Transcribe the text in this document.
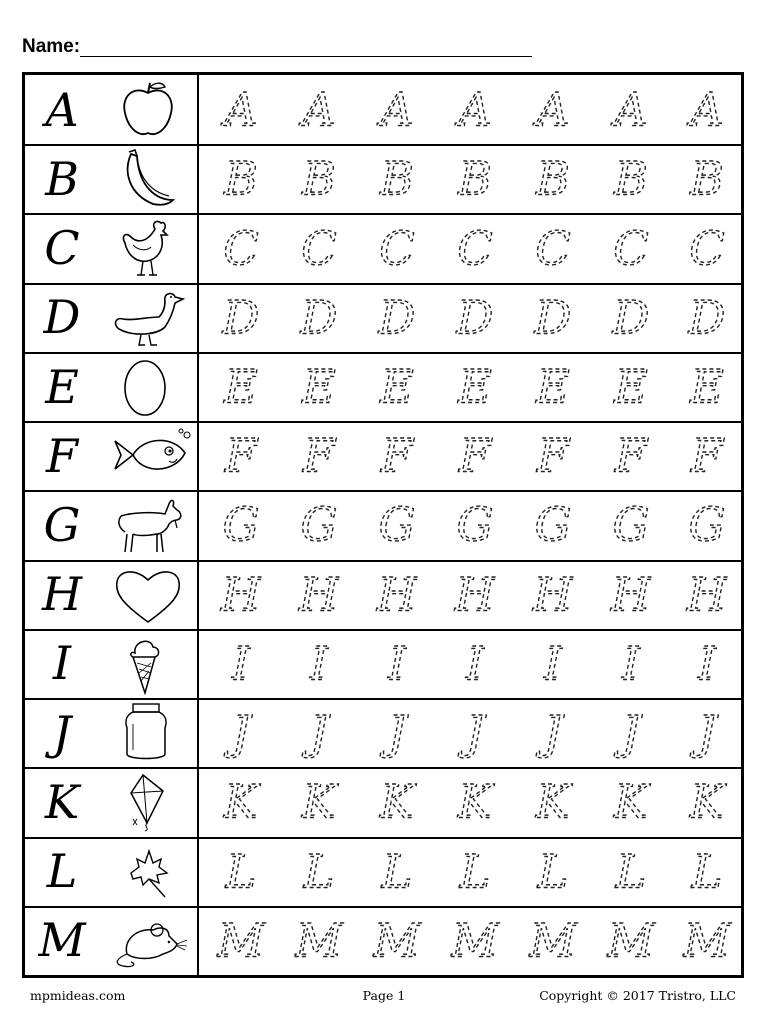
Name:
A	A A A A A A A
B	B B B B B B B
C	C C C C C C C
D	D D D D D D D
E	E E E E E E E
F	F F F F F F F
G	G G G G G G G
H	H H H H H H H
I	I I I I I I I
J	J J J J J J J
K	K K K K K K K
L	L L L L L L L
M	M M M M M M M
mpmideas.com	Page 1	Copyright © 2017 Tristro, LLC
